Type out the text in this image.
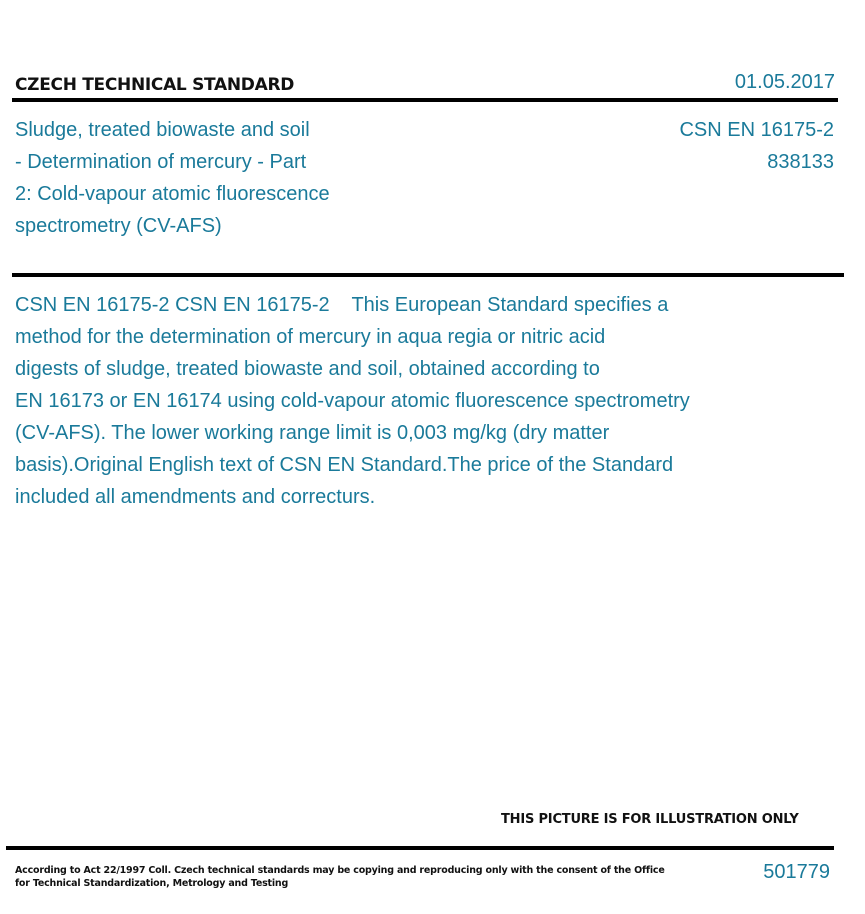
CZECH TECHNICAL STANDARD	01.05.2017
Sludge, treated biowaste and soil
- Determination of mercury - Part
2: Cold-vapour atomic fluorescence
spectrometry (CV-AFS)
CSN EN 16175-2
838133
CSN EN 16175-2 CSN EN 16175-2    This European Standard specifies a
method for the determination of mercury in aqua regia or nitric acid
digests of sludge, treated biowaste and soil, obtained according to
EN 16173 or EN 16174 using cold-vapour atomic fluorescence spectrometry
(CV-AFS). The lower working range limit is 0,003 mg/kg (dry matter
basis).Original English text of CSN EN Standard.The price of the Standard
included all amendments and correcturs.
THIS PICTURE IS FOR ILLUSTRATION ONLY
According to Act 22/1997 Coll. Czech technical standards may be copying and reproducing only with the consent of the Office
for Technical Standardization, Metrology and Testing
501779
